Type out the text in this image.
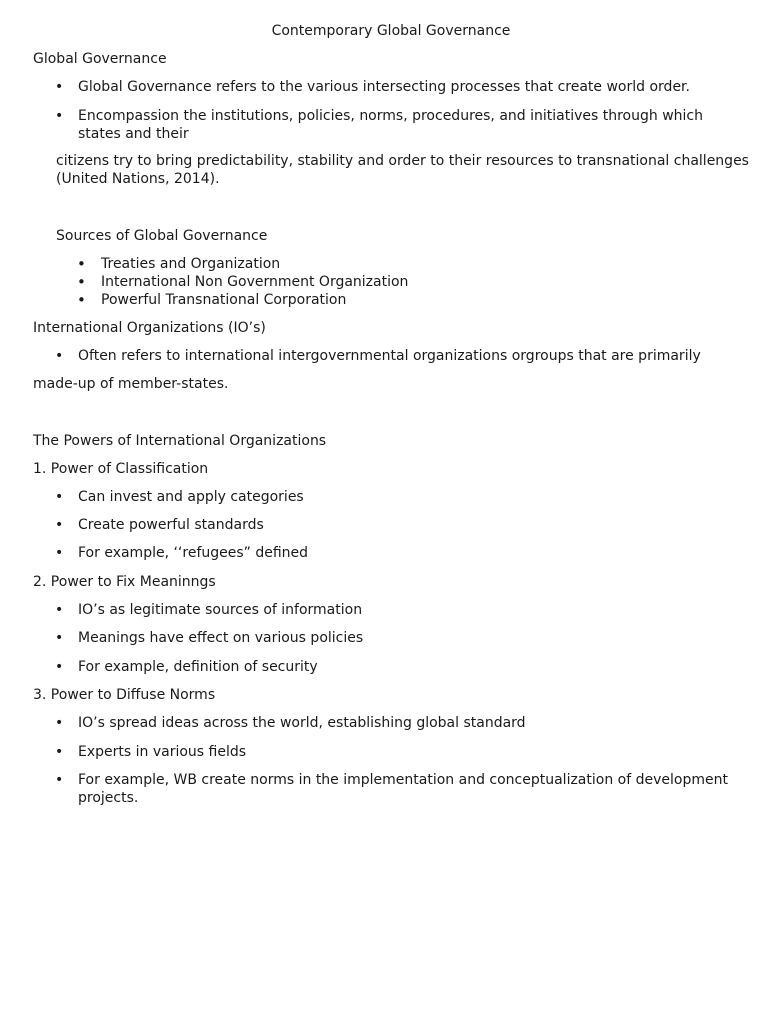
Contemporary Global Governance
Global Governance
• Global Governance refers to the various intersecting processes that create world order.
• Encompassion the institutions, policies, norms, procedures, and initiatives through which states and their
citizens try to bring predictability, stability and order to their resources to transnational challenges (United Nations, 2014).
Sources of Global Governance
• Treaties and Organization
• International Non Government Organization
• Powerful Transnational Corporation
International Organizations (IO’s)
• Often refers to international intergovernmental organizations orgroups that are primarily
made-up of member-states.
The Powers of International Organizations
1. Power of Classification
• Can invest and apply categories
• Create powerful standards
• For example, ‘‘refugees” defined
2. Power to Fix Meaninngs
• IO’s as legitimate sources of information
• Meanings have effect on various policies
• For example, definition of security
3. Power to Diffuse Norms
• IO’s spread ideas across the world, establishing global standard
• Experts in various fields
• For example, WB create norms in the implementation and conceptualization of development projects.
